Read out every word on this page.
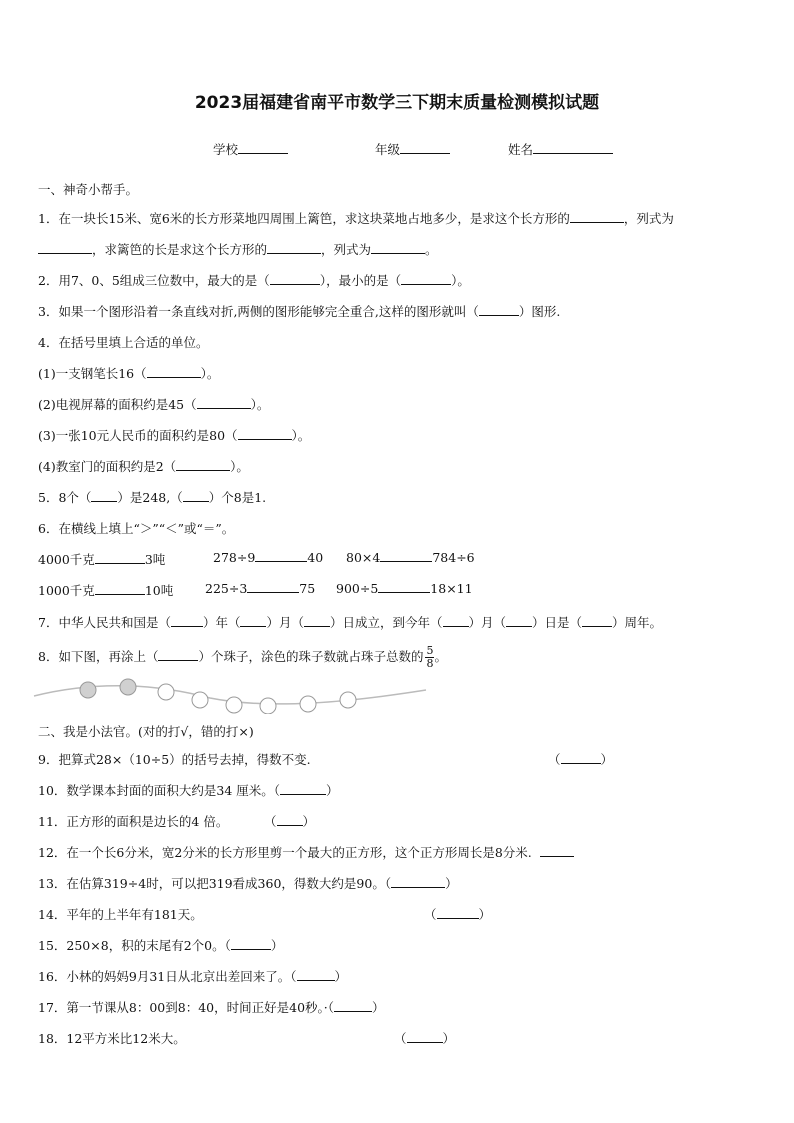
2023届福建省南平市数学三下期末质量检测模拟试题
学校	年级	姓名
一、神奇小帮手。
1．在一块长15米、宽6米的长方形菜地四周围上篱笆，求这块菜地占地多少，是求这个长方形的	，列式为
，求篱笆的长是求这个长方形的	，列式为	。
2．用7、0、5组成三位数中，最大的是（	），最小的是（	）。
3．如果一个图形沿着一条直线对折,两侧的图形能够完全重合,这样的图形就叫（	）图形.
4．在括号里填上合适的单位。
(1)一支钢笔长16（	）。
(2)电视屏幕的面积约是45（	）。
(3)一张10元人民币的面积约是80（	）。
(4)教室门的面积约是2（	）。
5．8个（ ）是248,（ ）个8是1.
6．在横线上填上“＞”“＜”或“＝”。
4000千克	3吨	278÷9	40 80×4	784÷6
1000千克	10吨	225÷3	75 900÷5	18×11
7．中华人民共和国是（	）年（ ）月（ ）日成立，到今年（ ）月（ ）日是（ ）周年。
8．如下图，再涂上（	）个珠子，涂色的珠子数就占珠子总数的 $\frac{5}{8}$ 。
二、我是小法官。(对的打√，错的打×)
9．把算式28×（10÷5）的括号去掉，得数不变.	（	）
10．数学课本封面的面积大约是34 厘米。（	）
11．正方形的面积是边长的4 倍。	（ ）
12．在一个长6分米，宽2分米的长方形里剪一个最大的正方形，这个正方形周长是8分米.
13．在估算319÷4时，可以把319看成360，得数大约是90。（	）
14．平年的上半年有181天。	（	）
15．250×8，积的末尾有2个0。（	）
16．小林的妈妈9月31日从北京出差回来了。（	）
17．第一节课从8：00到8：40，时间正好是40秒。·（	）
18．12平方米比12米大。	（	）
